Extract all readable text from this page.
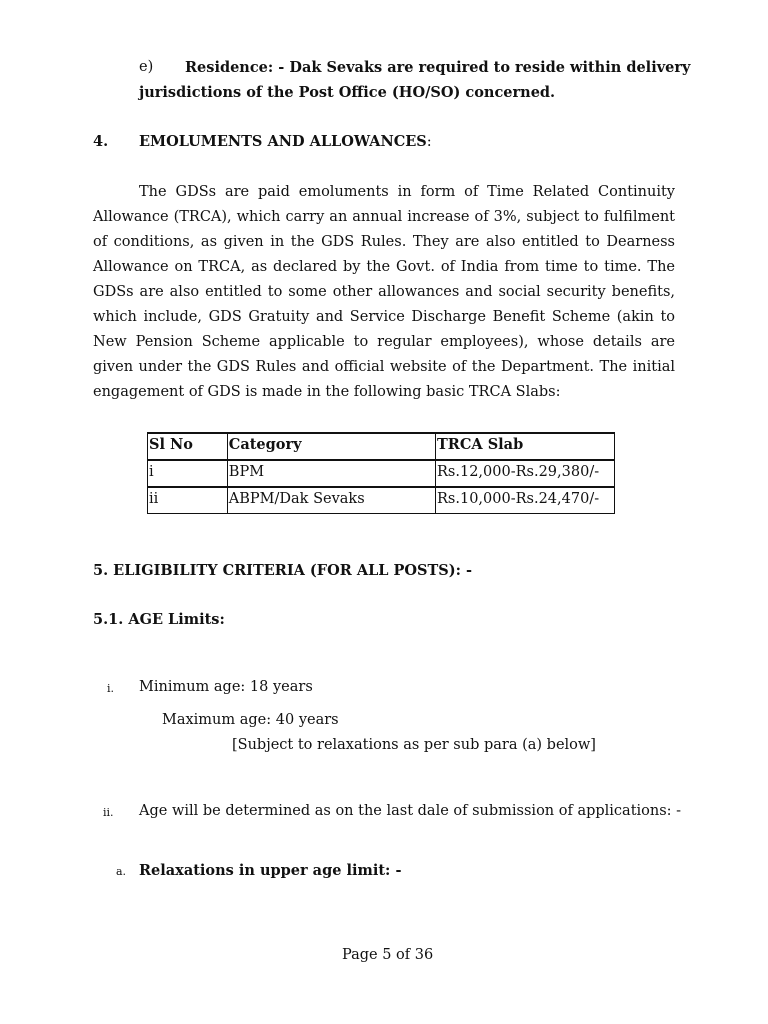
e) Residence: - Dak Sevaks are required to reside within delivery
jurisdictions of the Post Office (HO/SO) concerned.
4. EMOLUMENTS AND ALLOWANCES:
The GDSs are paid emoluments in form of Time Related Continuity Allowance (TRCA), which carry an annual increase of 3%, subject to fulfilment of conditions, as given in the GDS Rules. They are also entitled to Dearness Allowance on TRCA, as declared by the Govt. of India from time to time. The GDSs are also entitled to some other allowances and social security benefits, which include, GDS Gratuity and Service Discharge Benefit Scheme (akin to New Pension Scheme applicable to regular employees), whose details are given under the GDS Rules and official website of the Department. The initial engagement of GDS is made in the following basic TRCA Slabs:
Sl No	Category	TRCA Slab
i	BPM	Rs.12,000-Rs.29,380/-
ii	ABPM/Dak Sevaks	Rs.10,000-Rs.24,470/-
5. ELIGIBILITY CRITERIA (FOR ALL POSTS): -
5.1. AGE Limits:
i. Minimum age: 18 years
Maximum age: 40 years
[Subject to relaxations as per sub para (a) below]
ii. Age will be determined as on the last dale of submission of applications: -
a. Relaxations in upper age limit: -
Page 5 of 36
